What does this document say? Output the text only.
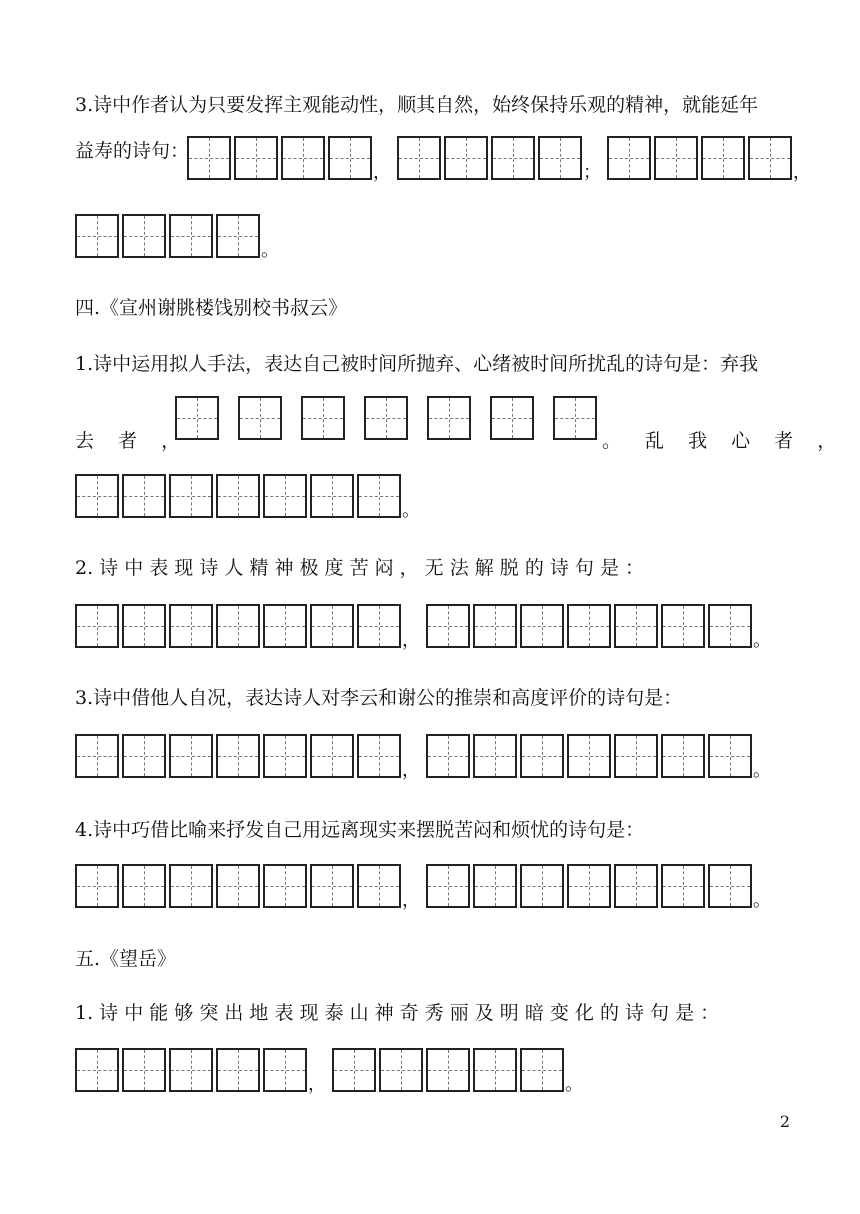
3.诗中作者认为只要发挥主观能动性，顺其自然，始终保持乐观的精神，就能延年
益寿的诗句：
，	；	，
。
四.《宣州谢朓楼饯别校书叔云》
1.诗中运用拟人手法，表达自己被时间所抛弃、心绪被时间所扰乱的诗句是：弃我
去 者 ，	。 乱 我 心 者 ，
。
2. 诗 中 表 现 诗 人 精 神 极 度 苦 闷 ， 无 法 解 脱 的 诗 句 是 ：
，	。
3.诗中借他人自况，表达诗人对李云和谢公的推崇和高度评价的诗句是：
，	。
4.诗中巧借比喻来抒发自己用远离现实来摆脱苦闷和烦忧的诗句是：
，	。
五.《望岳》
1. 诗 中 能 够 突 出 地 表 现 泰 山 神 奇 秀 丽 及 明 暗 变 化 的 诗 句 是 ：
，	。
2
